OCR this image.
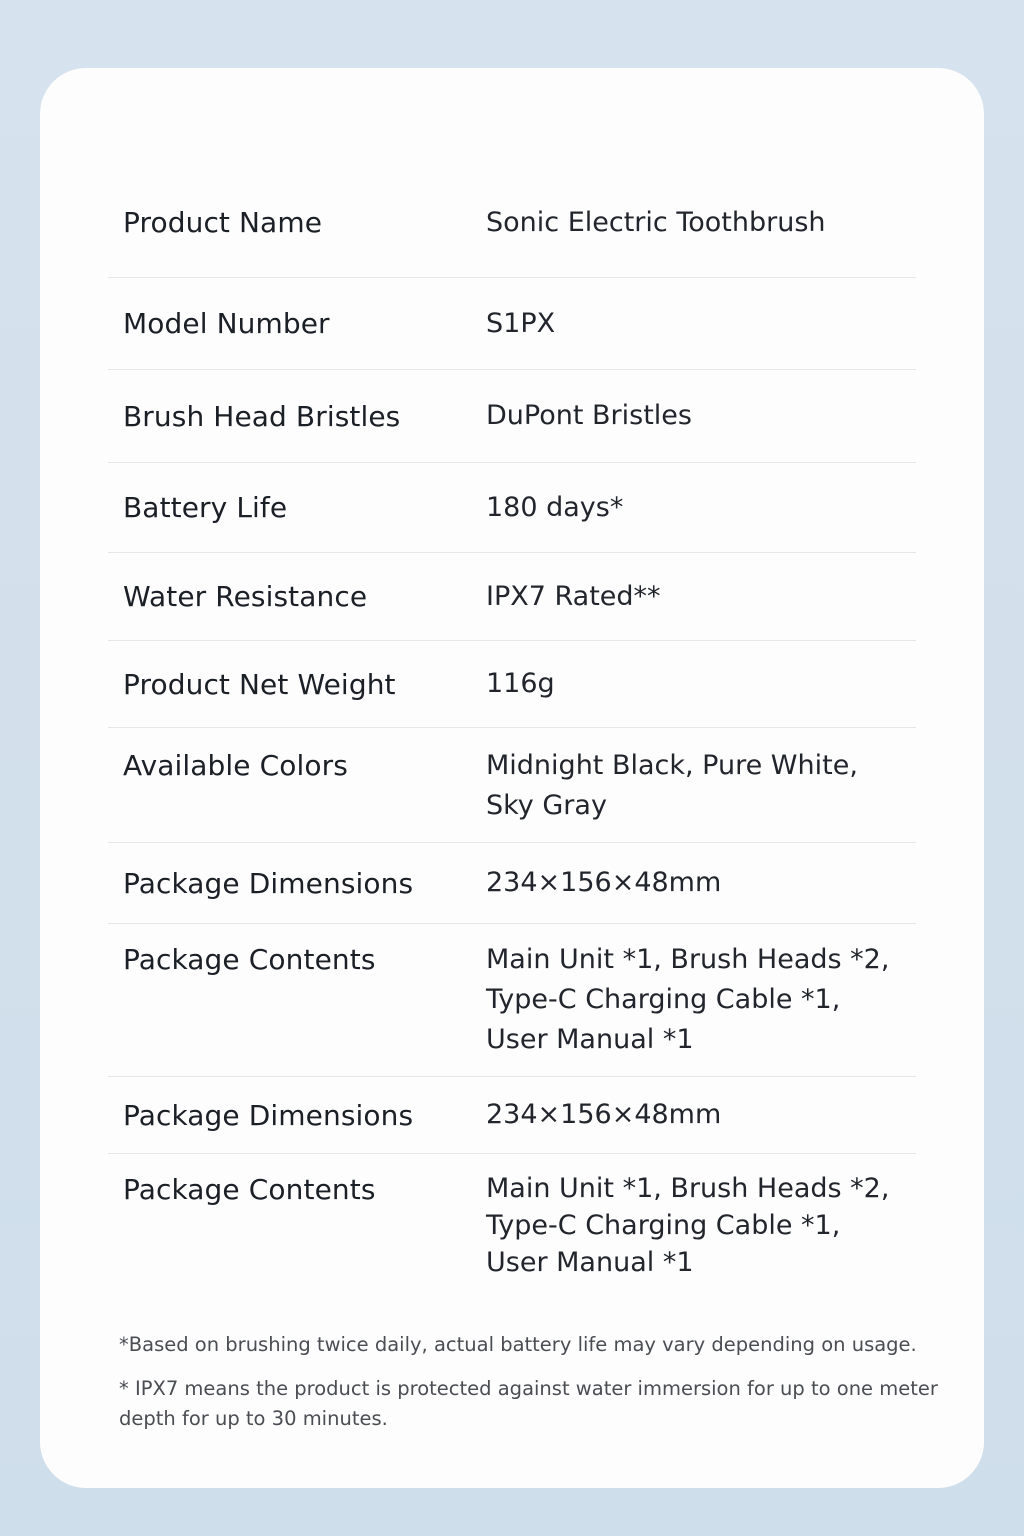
Product Name	Sonic Electric Toothbrush
Model Number	S1PX
Brush Head Bristles	DuPont Bristles
Battery Life	180 days*
Water Resistance	IPX7 Rated**
Product Net Weight	116g
Available Colors	Midnight Black, Pure White,
Sky Gray
Package Dimensions	234×156×48mm
Package Contents	Main Unit *1, Brush Heads *2,
Type-C Charging Cable *1,
User Manual *1
Package Dimensions	234×156×48mm
Package Contents	Main Unit *1, Brush Heads *2,
Type-C Charging Cable *1,
User Manual *1
*Based on brushing twice daily, actual battery life may vary depending on usage.
* IPX7 means the product is protected against water immersion for up to one meter depth for up to 30 minutes.
